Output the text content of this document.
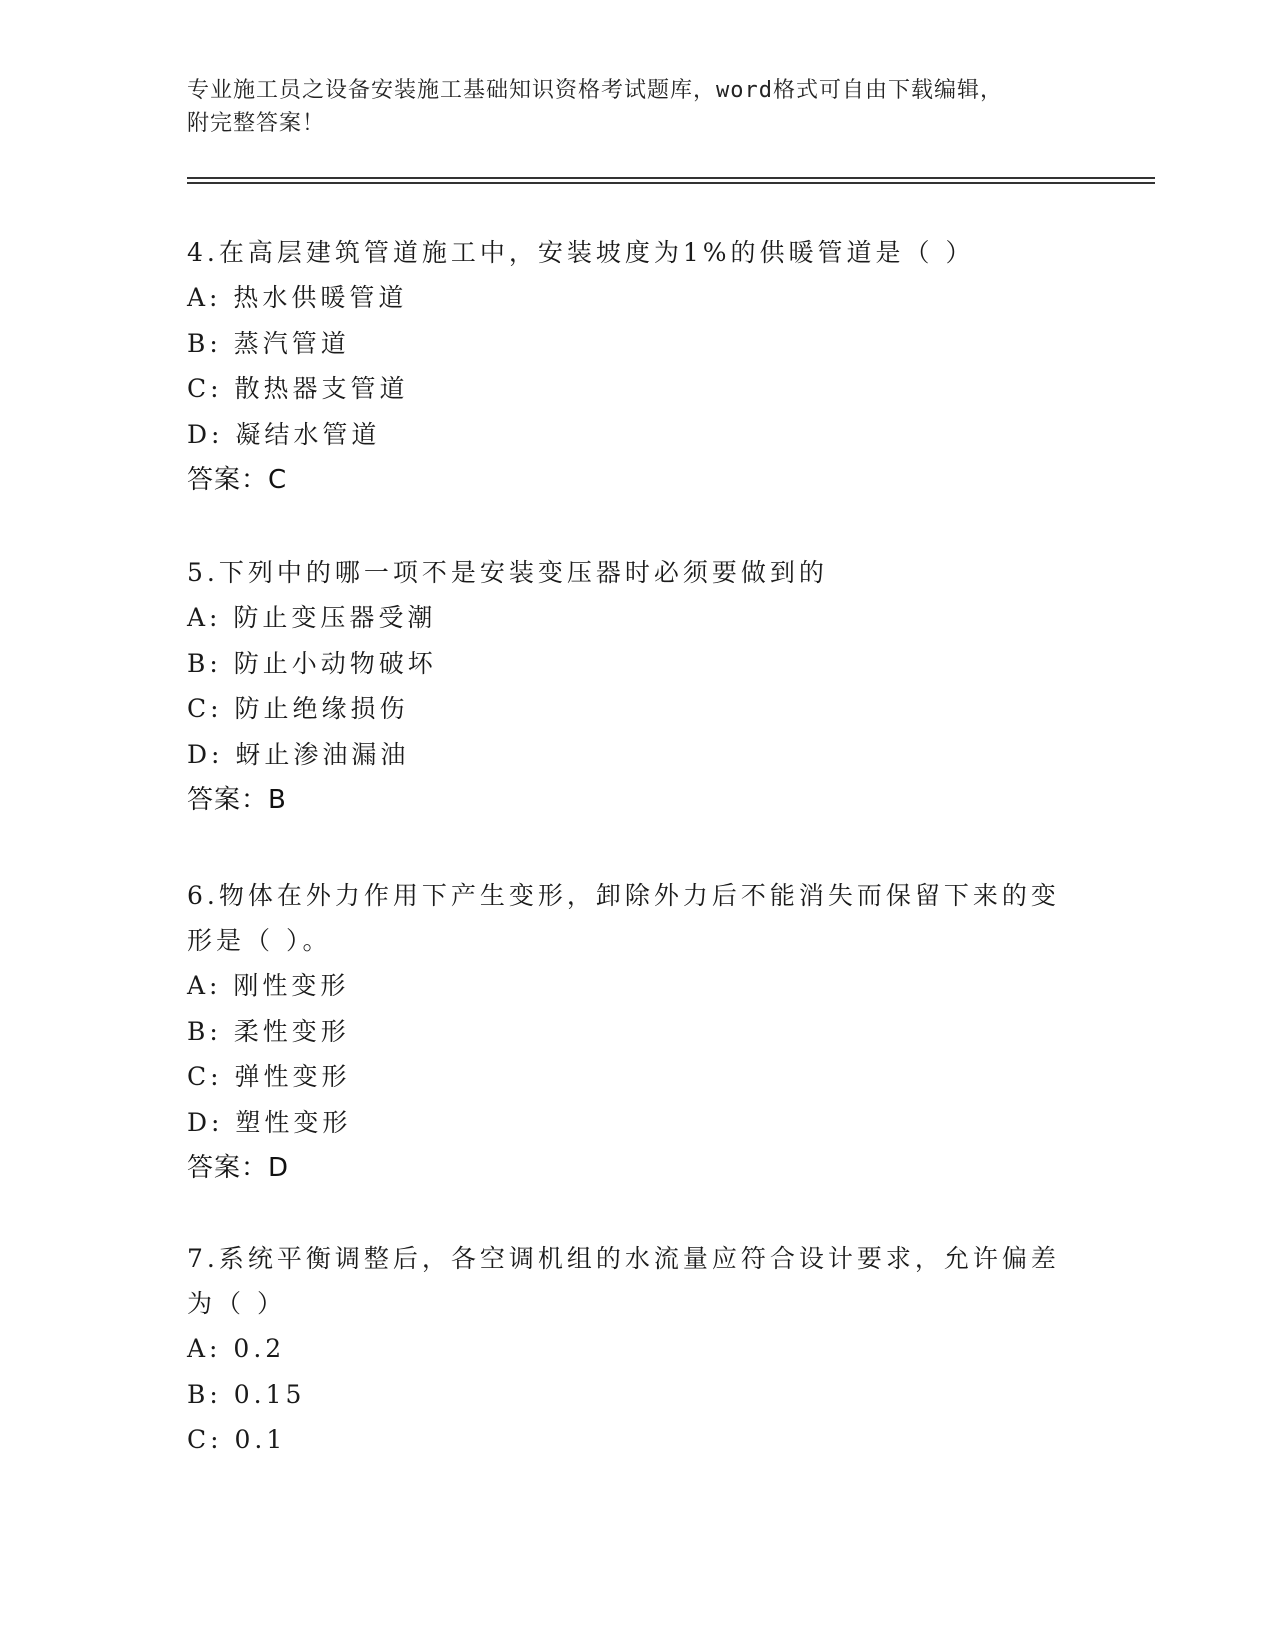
专业施工员之设备安装施工基础知识资格考试题库，word格式可自由下载编辑，
附完整答案！

4.在高层建筑管道施工中，安装坡度为1%的供暖管道是（ ）

A: 热水供暖管道
B: 蒸汽管道
C: 散热器支管道
D: 凝结水管道
答案：C

5.下列中的哪一项不是安装变压器时必须要做到的

A: 防止变压器受潮
B: 防止小动物破坏
C: 防止绝缘损伤
D: 蚜止渗油漏油
答案：B

6.物体在外力作用下产生变形，卸除外力后不能消失而保留下来的变

形是（ ）。

A: 刚性变形
B: 柔性变形
C: 弹性变形
D: 塑性变形
答案：D

7.系统平衡调整后，各空调机组的水流量应符合设计要求，允许偏差

为（ ）

A: 0.2
B: 0.15
C: 0.1
